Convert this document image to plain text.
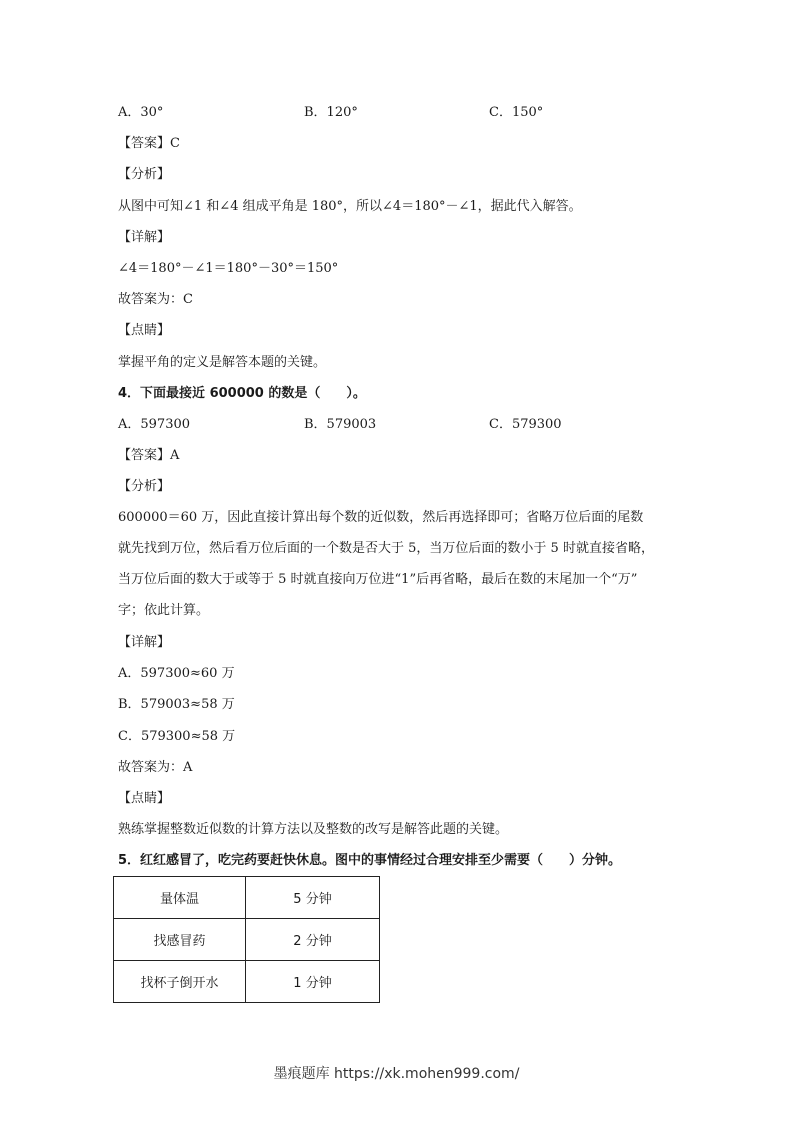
A．30°	B．120°	C．150°
【答案】C
【分析】
从图中可知∠1 和∠4 组成平角是 180°，所以∠4＝180°－∠1，据此代入解答。
【详解】
∠4＝180°－∠1＝180°－30°＝150°
故答案为：C
【点睛】
掌握平角的定义是解答本题的关键。
4．下面最接近 600000 的数是（　　）。
A．597300	B．579003	C．579300
【答案】A
【分析】
600000＝60 万，因此直接计算出每个数的近似数，然后再选择即可；省略万位后面的尾数
就先找到万位，然后看万位后面的一个数是否大于 5，当万位后面的数小于 5 时就直接省略，
当万位后面的数大于或等于 5 时就直接向万位进“1”后再省略，最后在数的末尾加一个“万”
字；依此计算。
【详解】
A．597300≈60 万
B．579003≈58 万
C．579300≈58 万
故答案为：A
【点睛】
熟练掌握整数近似数的计算方法以及整数的改写是解答此题的关键。
5．红红感冒了，吃完药要赶快休息。图中的事情经过合理安排至少需要（　　）分钟。
量体温	5 分钟
找感冒药	2 分钟
找杯子倒开水	1 分钟
墨痕题库 https://xk.mohen999.com/
